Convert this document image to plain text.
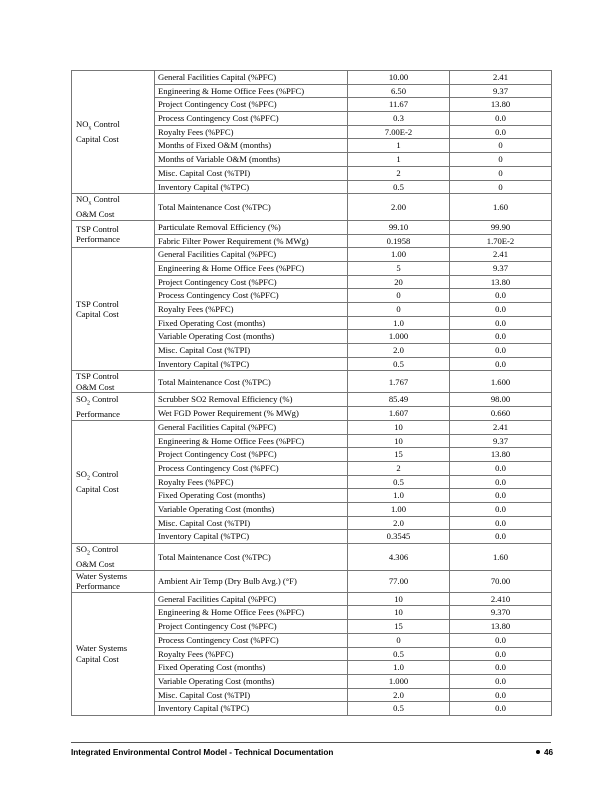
$NO_x$ Control
Capital Cost	General Facilities Capital (%PFC)	10.00	2.41
	Engineering & Home Office Fees (%PFC)	6.50	9.37
	Project Contingency Cost (%PFC)	11.67	13.80
	Process Contingency Cost (%PFC)	0.3	0.0
	Royalty Fees (%PFC)	7.00E-2	0.0
	Months of Fixed O&M (months)	1	0
	Months of Variable O&M (months)	1	0
	Misc. Capital Cost (%TPI)	2	0
	Inventory Capital (%TPC)	0.5	0
$NO_x$ Control
O&M Cost	Total Maintenance Cost (%TPC)	2.00	1.60
TSP Control
Performance	Particulate Removal Efficiency (%)	99.10	99.90
	Fabric Filter Power Requirement (% MWg)	0.1958	1.70E-2
TSP Control
Capital Cost	General Facilities Capital (%PFC)	1.00	2.41
	Engineering & Home Office Fees (%PFC)	5	9.37
	Project Contingency Cost (%PFC)	20	13.80
	Process Contingency Cost (%PFC)	0	0.0
	Royalty Fees (%PFC)	0	0.0
	Fixed Operating Cost (months)	1.0	0.0
	Variable Operating Cost (months)	1.000	0.0
	Misc. Capital Cost (%TPI)	2.0	0.0
	Inventory Capital (%TPC)	0.5	0.0
TSP Control
O&M Cost	Total Maintenance Cost (%TPC)	1.767	1.600
$SO_2$ Control
Performance	Scrubber SO2 Removal Efficiency (%)	85.49	98.00
	Wet FGD Power Requirement (% MWg)	1.607	0.660
$SO_2$ Control
Capital Cost	General Facilities Capital (%PFC)	10	2.41
	Engineering & Home Office Fees (%PFC)	10	9.37
	Project Contingency Cost (%PFC)	15	13.80
	Process Contingency Cost (%PFC)	2	0.0
	Royalty Fees (%PFC)	0.5	0.0
	Fixed Operating Cost (months)	1.0	0.0
	Variable Operating Cost (months)	1.00	0.0
	Misc. Capital Cost (%TPI)	2.0	0.0
	Inventory Capital (%TPC)	0.3545	0.0
$SO_2$ Control
O&M Cost	Total Maintenance Cost (%TPC)	4.306	1.60
Water Systems
Performance	Ambient Air Temp (Dry Bulb Avg.) (°F)	77.00	70.00
Water Systems
Capital Cost	General Facilities Capital (%PFC)	10	2.410
	Engineering & Home Office Fees (%PFC)	10	9.370
	Project Contingency Cost (%PFC)	15	13.80
	Process Contingency Cost (%PFC)	0	0.0
	Royalty Fees (%PFC)	0.5	0.0
	Fixed Operating Cost (months)	1.0	0.0
	Variable Operating Cost (months)	1.000	0.0
	Misc. Capital Cost (%TPI)	2.0	0.0
	Inventory Capital (%TPC)	0.5	0.0
Integrated Environmental Control Model - Technical Documentation	46
